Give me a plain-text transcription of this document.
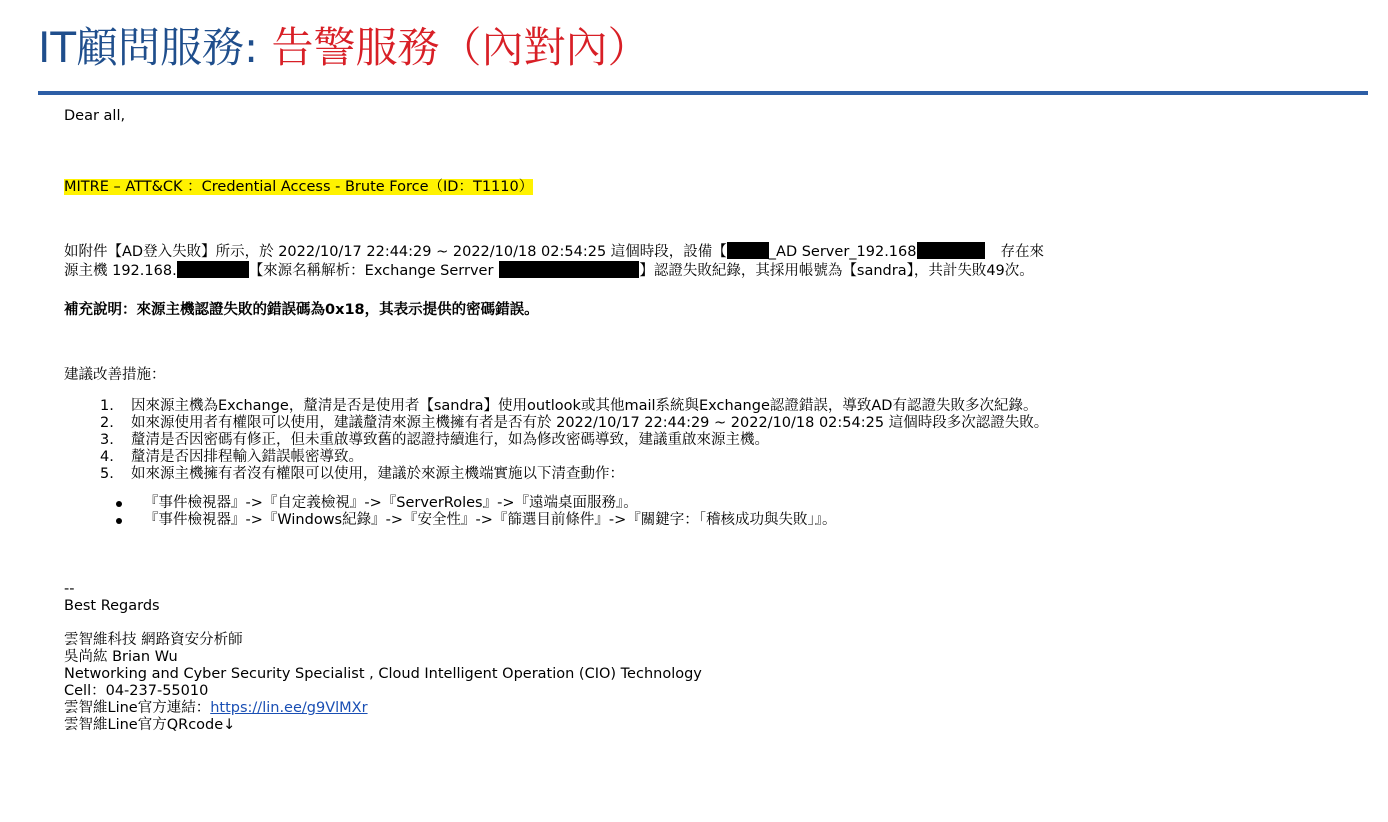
IT顧問服務: 告警服務（內對內）

Dear all,

MITRE – ATT&CK ：Credential Access - Brute Force（ID：T1110）

如附件【AD登入失敗】所示，於 2022/10/17 22:44:29 ~ 2022/10/18 02:54:25 這個時段，設備【	_AD Server_192.168	存在來

源主機 192.168.	【來源名稱解析：Exchange Serrver	】認證失敗紀錄，其採用帳號為【sandra】，共計失敗49次。

補充說明：來源主機認證失敗的錯誤碼為0x18，其表示提供的密碼錯誤。

建議改善措施：

1. 因來源主機為Exchange，釐清是否是使用者【sandra】使用outlook或其他mail系統與Exchange認證錯誤，導致AD有認證失敗多次紀錄。
2. 如來源使用者有權限可以使用，建議釐清來源主機擁有者是否有於 2022/10/17 22:44:29 ~ 2022/10/18 02:54:25 這個時段多次認證失敗。
3. 釐清是否因密碼有修正，但未重啟導致舊的認證持續進行，如為修改密碼導致，建議重啟來源主機。
4. 釐清是否因排程輸入錯誤帳密導致。
5. 如來源主機擁有者沒有權限可以使用，建議於來源主機端實施以下清查動作：
『事件檢視器』->『自定義檢視』->『ServerRoles』->『遠端桌面服務』。
『事件檢視器』->『Windows紀錄』->『安全性』->『篩選目前條件』->『關鍵字：「稽核成功與失敗」』。

--

Best Regards

雲智維科技 網路資安分析師

吳尚紘 Brian Wu

Networking and Cyber Security Specialist , Cloud Intelligent Operation (CIO) Technology

Cell：04-237-55010

雲智維Line官方連結：https://lin.ee/g9VlMXr

雲智維Line官方QRcode↓
